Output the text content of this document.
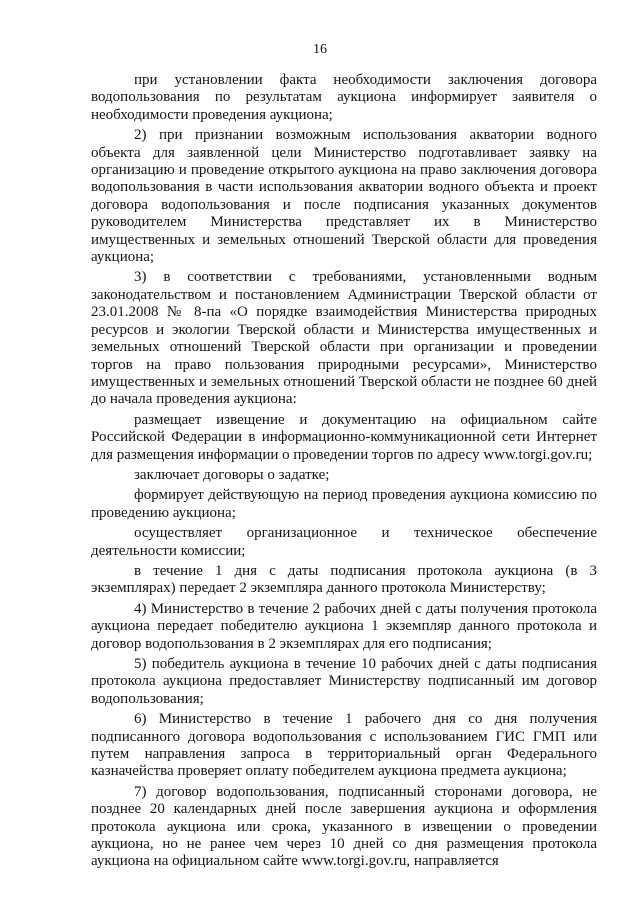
16

при установлении факта необходимости заключения договора водопользования по результатам аукциона информирует заявителя о необходимости проведения аукциона;

2) при признании возможным использования акватории водного объекта для заявленной цели Министерство подготавливает заявку на организацию и проведение открытого аукциона на право заключения договора водопользования в части использования акватории водного объекта и проект договора водопользования и после подписания указанных документов руководителем Министерства представляет их в Министерство имущественных и земельных отношений Тверской области для проведения аукциона;

3) в соответствии с требованиями, установленными водным законодательством и постановлением Администрации Тверской области от 23.01.2008 № 8-па «О порядке взаимодействия Министерства природных ресурсов и экологии Тверской области и Министерства имущественных и земельных отношений Тверской области при организации и проведении торгов на право пользования природными ресурсами», Министерство имущественных и земельных отношений Тверской области не позднее 60 дней до начала проведения аукциона:

размещает извещение и документацию на официальном сайте Российской Федерации в информационно-коммуникационной сети Интернет для размещения информации о проведении торгов по адресу www.torgi.gov.ru;

заключает договоры о задатке;

формирует действующую на период проведения аукциона комиссию по проведению аукциона;

осуществляет организационное и техническое обеспечение деятельности комиссии;

в течение 1 дня с даты подписания протокола аукциона (в 3 экземплярах) передает 2 экземпляра данного протокола Министерству;

4) Министерство в течение 2 рабочих дней с даты получения протокола аукциона передает победителю аукциона 1 экземпляр данного протокола и договор водопользования в 2 экземплярах для его подписания;

5) победитель аукциона в течение 10 рабочих дней с даты подписания протокола аукциона предоставляет Министерству подписанный им договор водопользования;

6) Министерство в течение 1 рабочего дня со дня получения подписанного договора водопользования с использованием ГИС ГМП или путем направления запроса в территориальный орган Федерального казначейства проверяет оплату победителем аукциона предмета аукциона;

7) договор водопользования, подписанный сторонами договора, не позднее 20 календарных дней после завершения аукциона и оформления протокола аукциона или срока, указанного в извещении о проведении аукциона, но не ранее чем через 10 дней со дня размещения протокола аукциона на официальном сайте www.torgi.gov.ru, направляется
